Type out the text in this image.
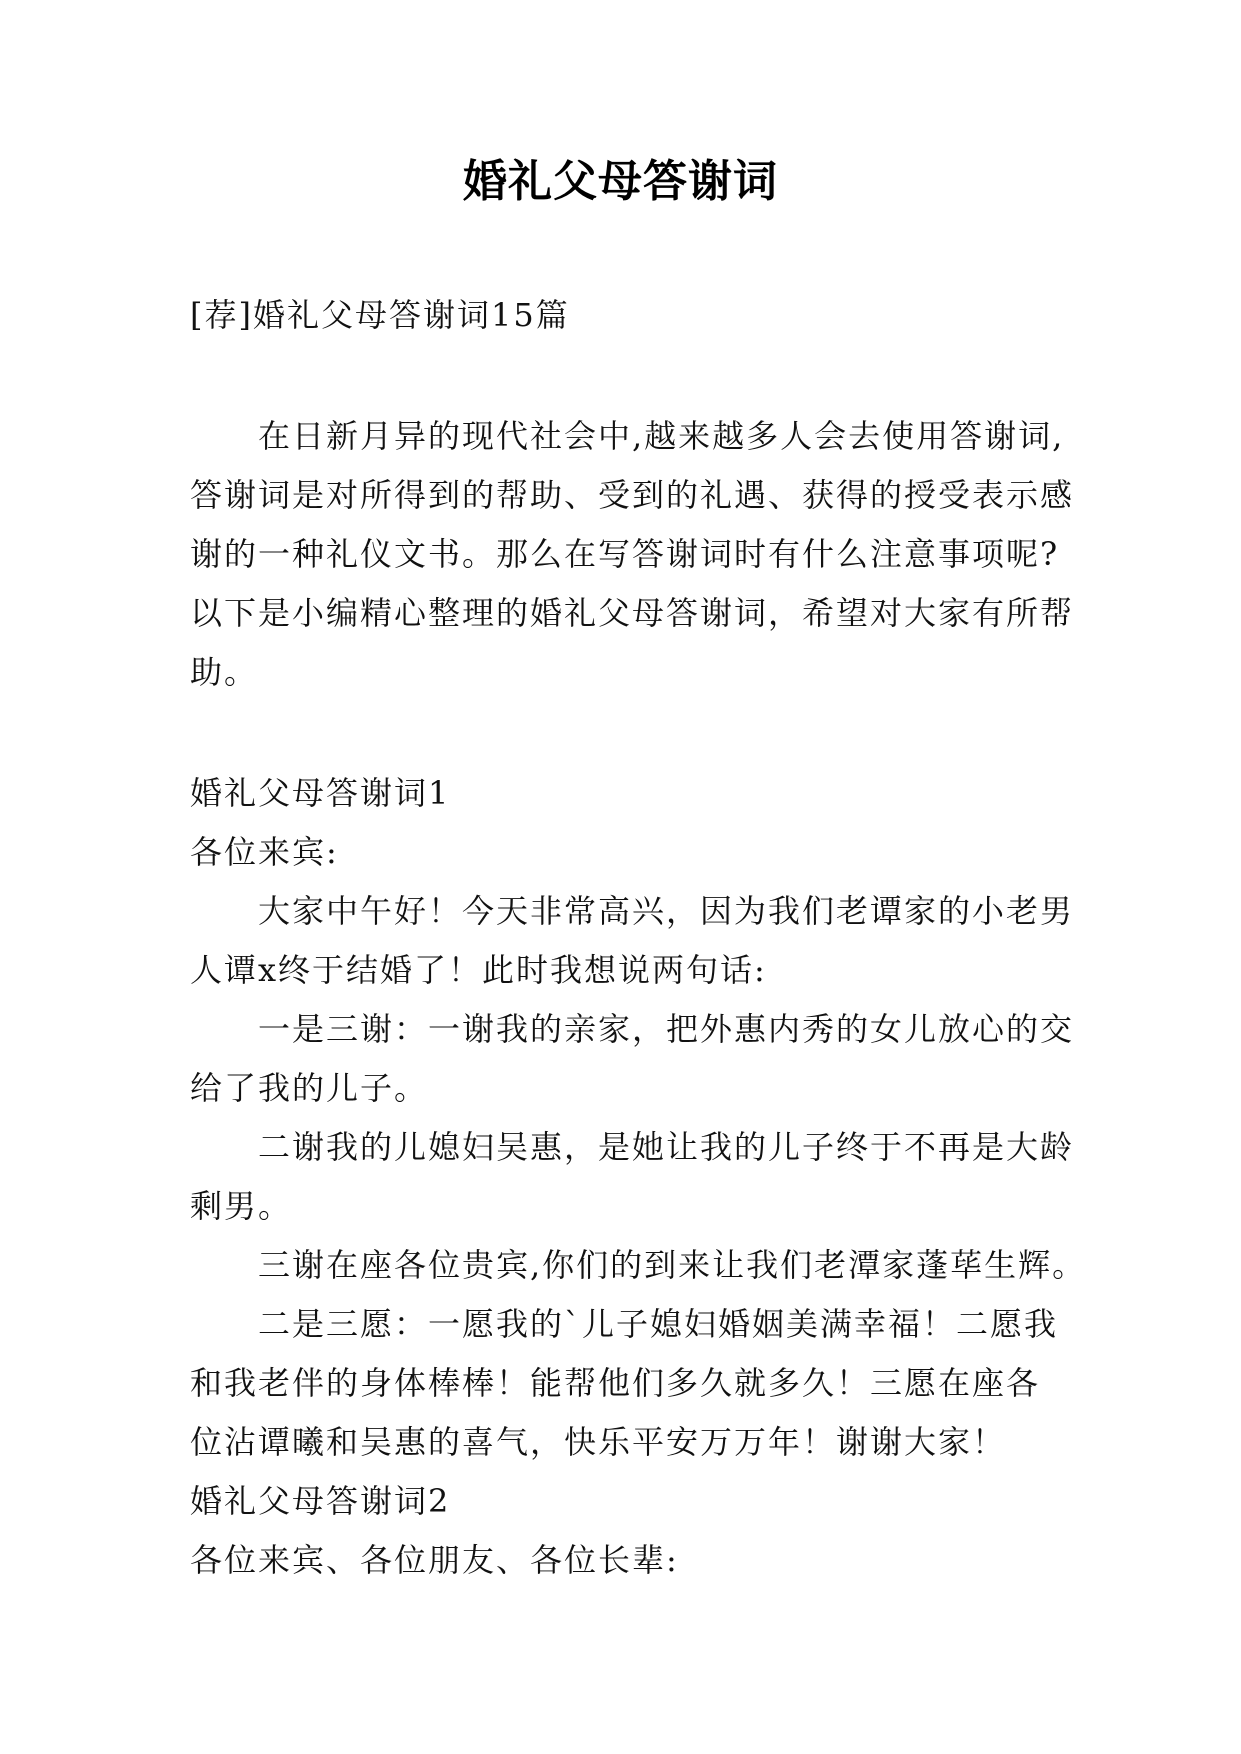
婚礼父母答谢词

[荐]婚礼父母答谢词15篇

在日新月异的现代社会中,越来越多人会去使用答谢词,
答谢词是对所得到的帮助、受到的礼遇、获得的授受表示感
谢的一种礼仪文书。那么在写答谢词时有什么注意事项呢?
以下是小编精心整理的婚礼父母答谢词，希望对大家有所帮
助。
婚礼父母答谢词1
各位来宾:
大家中午好！今天非常高兴，因为我们老谭家的小老男
人谭x终于结婚了！此时我想说两句话:
一是三谢：一谢我的亲家，把外惠内秀的女儿放心的交
给了我的儿子。
二谢我的儿媳妇吴惠，是她让我的儿子终于不再是大龄
剩男。
三谢在座各位贵宾,你们的到来让我们老潭家蓬荜生辉。
二是三愿：一愿我的`儿子媳妇婚姻美满幸福！二愿我
和我老伴的身体棒棒！能帮他们多久就多久！三愿在座各
位沾谭曦和吴惠的喜气，快乐平安万万年！谢谢大家！
婚礼父母答谢词2
各位来宾、各位朋友、各位长辈:
